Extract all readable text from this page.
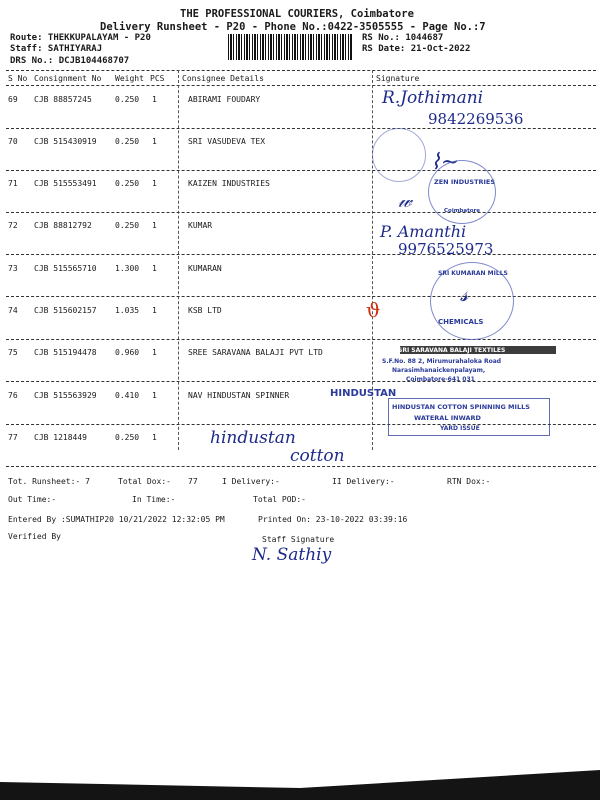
THE PROFESSIONAL COURIERS, Coimbatore
Delivery Runsheet - P20 - Phone No.:0422-3505555 - Page No.:7
Route: THEKKUPALAYAM - P20
Staff: SATHIYARAJ
DRS No.: DCJB104468707
RS No.: 1044687
RS Date: 21-Oct-2022
S No Consignment No Weight PCS Consignee Details	Signature
69 CJB 88857245	0.250 1	ABIRAMI FOUDARY
70 CJB 515430919 0.250 1	SRI VASUDEVA TEX
71 CJB 515553491 0.250 1	KAIZEN INDUSTRIES
72 CJB 88812792	0.250 1	KUMAR
73 CJB 515565710 1.300 1	KUMARAN
74 CJB 515602157 1.035 1	KSB LTD
75 CJB 515194478 0.960 1	SREE SARAVANA BALAJI PVT LTD
76 CJB 515563929 0.410 1	NAV HINDUSTAN SPINNER
77 CJB 1218449	0.250 1
R.Jothimani
9842269536
⌇~
ZEN INDUSTRIES
Coimbatore
𝓌
P. Amanthi
9976525973
SRI KUMARAN MILLS
CHEMICALS
𝓈
ϑ
SRI SARAVANA BALAJI TEXTILES
S.F.No. 88 2, Mirumurahaloka Road
Narasimhanaickenpalayam,
Coimbatore-641 031
HINDUSTAN
HINDUSTAN COTTON SPINNING MILLS
WATERAL INWARD
YARD ISSUE
hindustan
cotton
Tot. Runsheet:- 7	Total Dox:- 77	I Delivery:-	II Delivery:-	RTN Dox:-
Out Time:-	In Time:-	Total POD:-
Entered By :SUMATHIP20 10/21/2022 12:32:05 PM	Printed On: 23-10-2022 03:39:16
Verified By	Staff Signature
N. Sathiy
